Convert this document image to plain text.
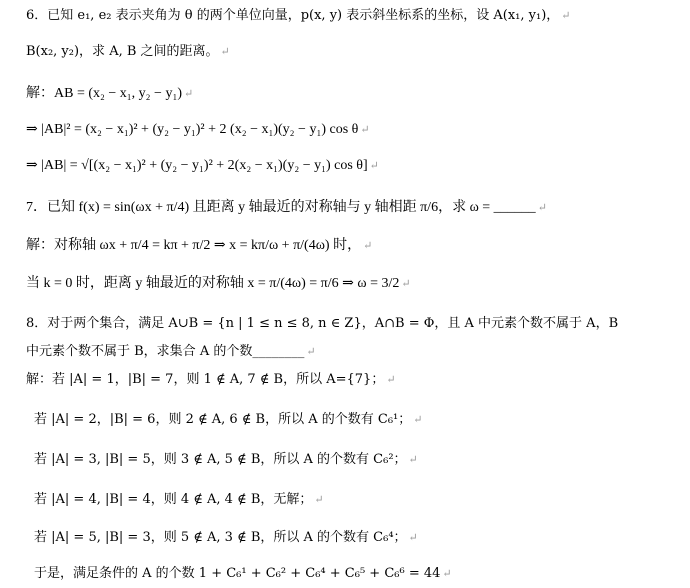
6．已知 e₁, e₂ 表示夹角为 θ 的两个单位向量，p(x, y) 表示斜坐标系的坐标，设 A(x₁, y₁)， ↵
B(x₂, y₂)，求 A, B 之间的距离。 ↵
解：AB = (x₂ − x₁, y₂ − y₁) ↵
⇒ |AB|² = (x₂ − x₁)² + (y₂ − y₁)² + 2 (x₂ − x₁)(y₂ − y₁) cos θ ↵
⇒ |AB| = √[(x₂ − x₁)² + (y₂ − y₁)² + 2(x₂ − x₁)(y₂ − y₁) cos θ] ↵
7．已知 f(x) = sin(ωx + π/4) 且距离 y 轴最近的对称轴与 y 轴相距 π/6，求 ω = ______ ↵
解：对称轴 ωx + π/4 = kπ + π/2 ⇒ x = kπ/ω + π/(4ω) 时， ↵
当 k = 0 时，距离 y 轴最近的对称轴 x = π/(4ω) = π/6 ⇒ ω = 3/2 ↵
8．对于两个集合，满足 A∪B = {n | 1 ≤ n ≤ 8, n ∈ Z}，A∩B = Φ，且 A 中元素个数不属于 A，B
中元素个数不属于 B，求集合 A 的个数________ ↵
解：若 |A| = 1，|B| = 7，则 1 ∉ A, 7 ∉ B，所以 A={7}； ↵
若 |A| = 2，|B| = 6，则 2 ∉ A, 6 ∉ B，所以 A 的个数有 C₆¹； ↵
若 |A| = 3, |B| = 5，则 3 ∉ A, 5 ∉ B，所以 A 的个数有 C₆²； ↵
若 |A| = 4, |B| = 4，则 4 ∉ A, 4 ∉ B，无解； ↵
若 |A| = 5, |B| = 3，则 5 ∉ A, 3 ∉ B，所以 A 的个数有 C₆⁴； ↵
于是，满足条件的 A 的个数 1 + C₆¹ + C₆² + C₆⁴ + C₆⁵ + C₆⁶ = 44 ↵
